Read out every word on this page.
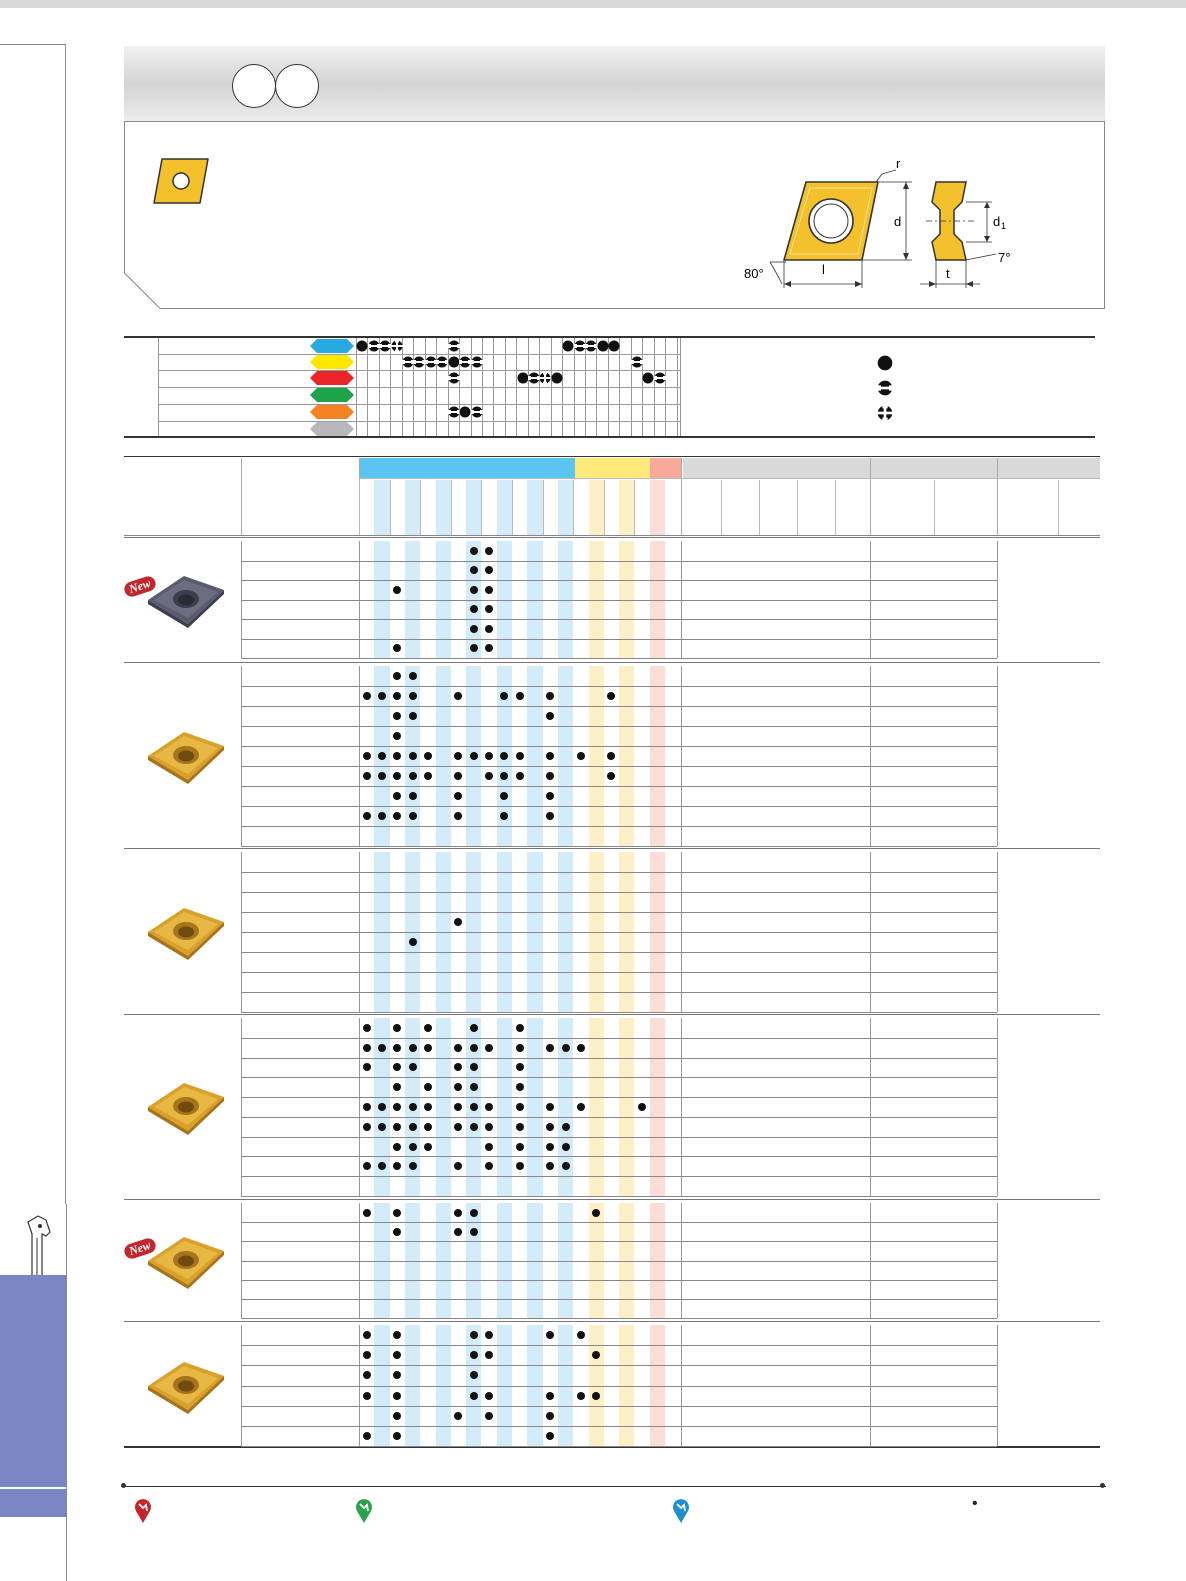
r
d	d 1
l	t
80°
7°
•
New
New
